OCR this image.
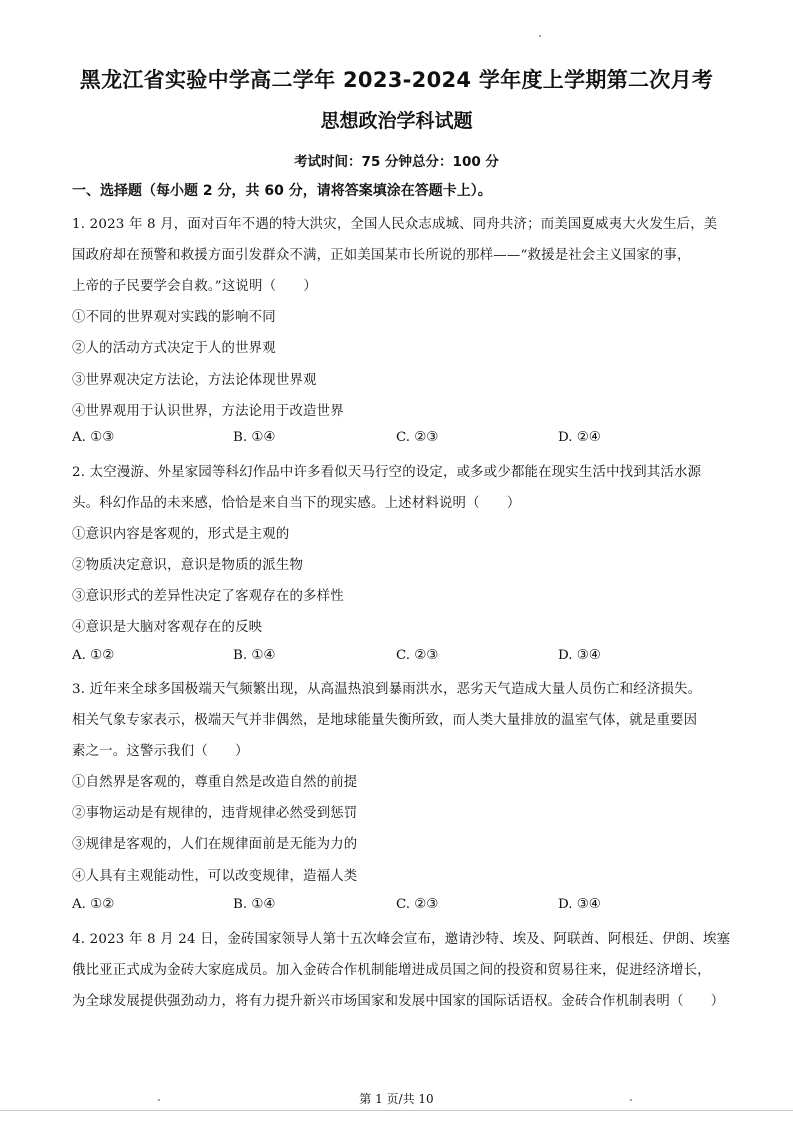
黑龙江省实验中学高二学年 2023-2024 学年度上学期第二次月考
思想政治学科试题
考试时间：75 分钟总分：100 分
一、选择题（每小题 2 分，共 60 分，请将答案填涂在答题卡上）。
1. 2023 年 8 月，面对百年不遇的特大洪灾，全国人民众志成城、同舟共济；而美国夏威夷大火发生后，美
国政府却在预警和救援方面引发群众不满，正如美国某市长所说的那样——“救援是社会主义国家的事，
上帝的子民要学会自救。”这说明（　　）
①不同的世界观对实践的影响不同
②人的活动方式决定于人的世界观
③世界观决定方法论，方法论体现世界观
④世界观用于认识世界，方法论用于改造世界
A. ①③	B. ①④	C. ②③	D. ②④
2. 太空漫游、外星家园等科幻作品中许多看似天马行空的设定，或多或少都能在现实生活中找到其活水源
头。科幻作品的未来感，恰恰是来自当下的现实感。上述材料说明（　　）
①意识内容是客观的，形式是主观的
②物质决定意识，意识是物质的派生物
③意识形式的差异性决定了客观存在的多样性
④意识是大脑对客观存在的反映
A. ①②	B. ①④	C. ②③	D. ③④
3. 近年来全球多国极端天气频繁出现，从高温热浪到暴雨洪水，恶劣天气造成大量人员伤亡和经济损失。
相关气象专家表示，极端天气并非偶然，是地球能量失衡所致，而人类大量排放的温室气体，就是重要因
素之一。这警示我们（　　）
①自然界是客观的，尊重自然是改造自然的前提
②事物运动是有规律的，违背规律必然受到惩罚
③规律是客观的，人们在规律面前是无能为力的
④人具有主观能动性，可以改变规律，造福人类
A. ①②	B. ①④	C. ②③	D. ③④
4. 2023 年 8 月 24 日，金砖国家领导人第十五次峰会宣布，邀请沙特、埃及、阿联酋、阿根廷、伊朗、埃塞
俄比亚正式成为金砖大家庭成员。加入金砖合作机制能增进成员国之间的投资和贸易往来，促进经济增长，
为全球发展提供强劲动力，将有力提升新兴市场国家和发展中国家的国际话语权。金砖合作机制表明（　　）
第 1 页/共 10
